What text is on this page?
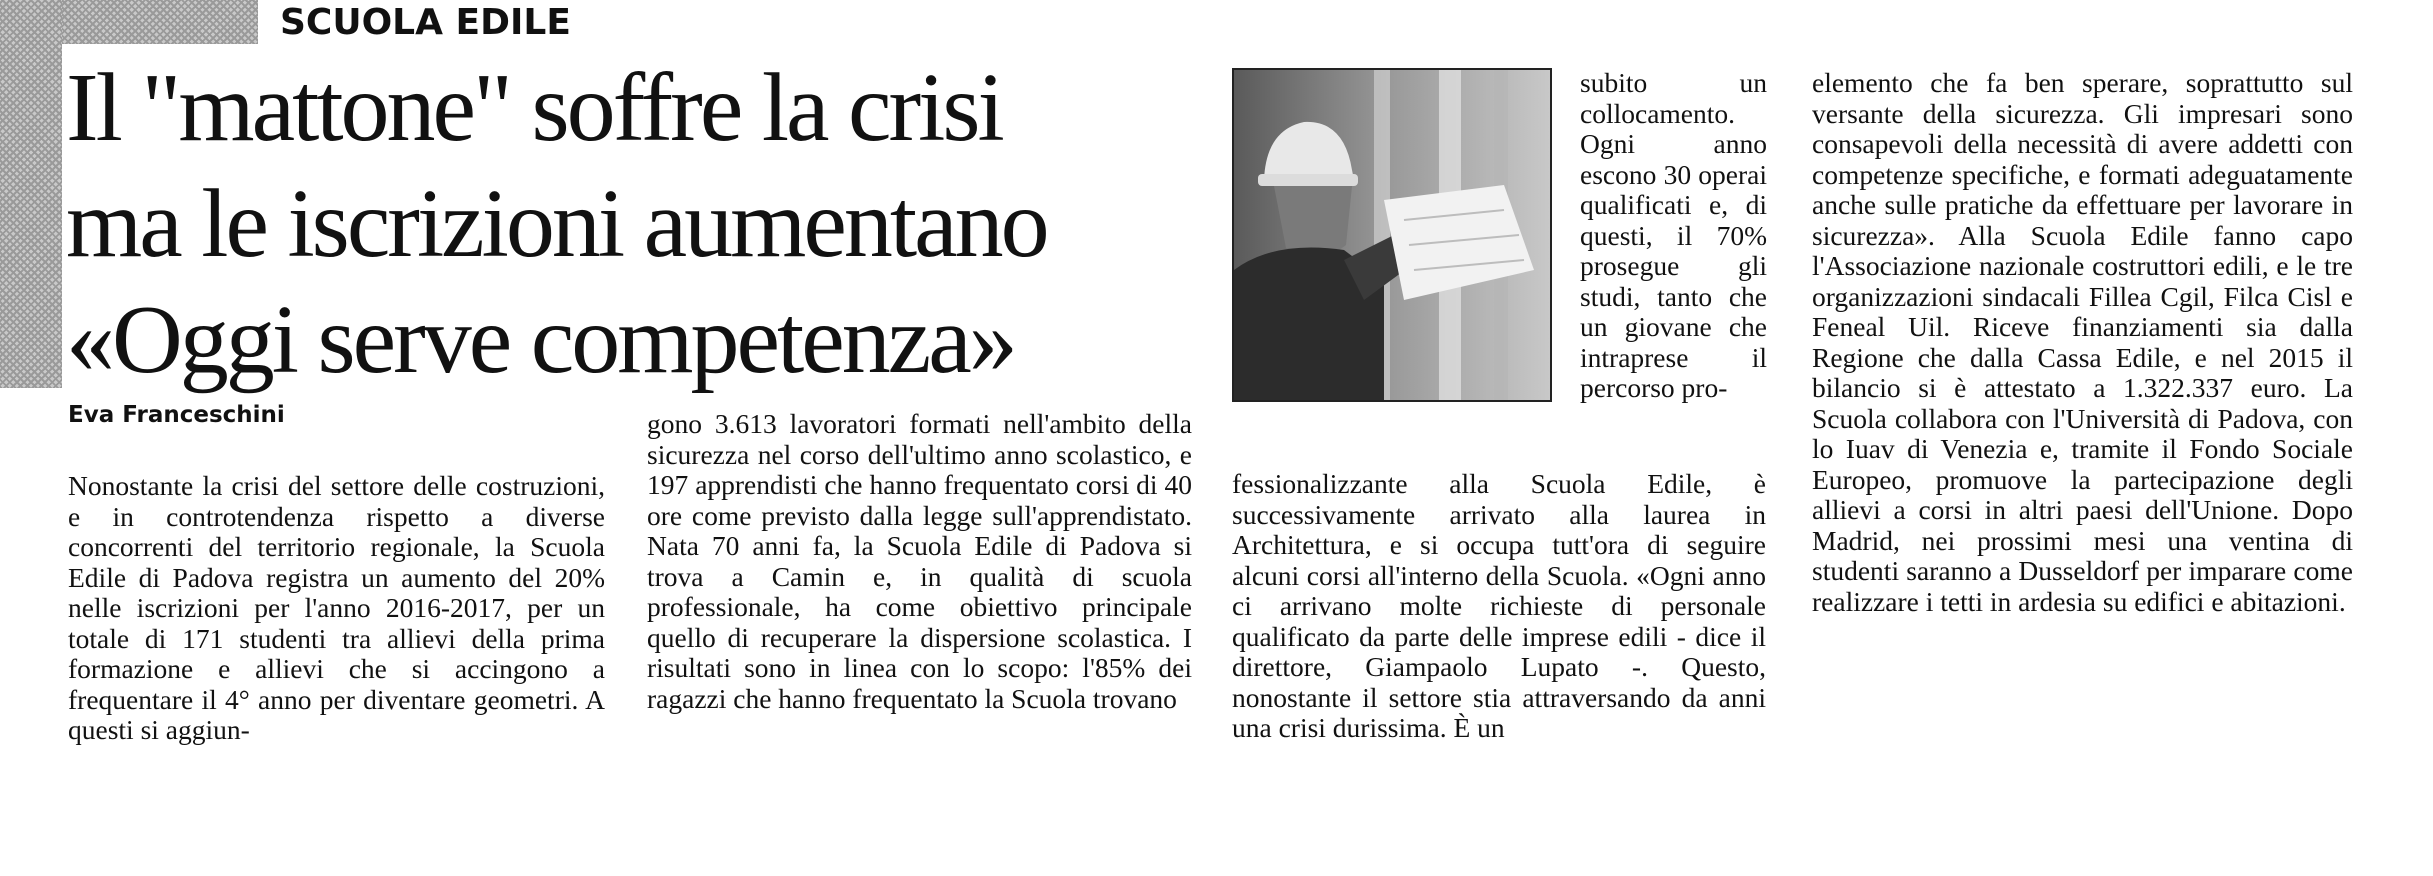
SCUOLA EDILE
Il "mattone" soffre la crisi
ma le iscrizioni aumentano
«Oggi serve competenza»
Eva Franceschini

Nonostante la crisi del settore delle costruzioni, e in controtendenza rispetto a diverse concorrenti del territorio regionale, la Scuola Edile di Padova registra un aumento del 20% nelle iscrizioni per l'anno 2016-2017, per un totale di 171 studenti tra allievi della prima formazione e allievi che si accingono a frequentare il 4° anno per diventare geometri. A questi si aggiun-

gono 3.613 lavoratori formati nell'ambito della sicurezza nel corso dell'ultimo anno scolastico, e 197 apprendisti che hanno frequentato corsi di 40 ore come previsto dalla legge sull'apprendistato. Nata 70 anni fa, la Scuola Edile di Padova si trova a Camin e, in qualità di scuola professionale, ha come obiettivo principale quello di recuperare la dispersione scolastica. I risultati sono in linea con lo scopo: l'85% dei ragazzi che hanno frequentato la Scuola trovano

subito un collocamento. Ogni anno escono 30 operai qualificati e, di questi, il 70% prosegue gli studi, tanto che un giovane che intraprese il percorso pro-

fessionalizzante alla Scuola Edile, è successivamente arrivato alla laurea in Architettura, e si occupa tutt'ora di seguire alcuni corsi all'interno della Scuola. «Ogni anno ci arrivano molte richieste di personale qualificato da parte delle imprese edili - dice il direttore, Giampaolo Lupato -. Questo, nonostante il settore stia attraversando da anni una crisi durissima. È un

elemento che fa ben sperare, soprattutto sul versante della sicurezza. Gli impresari sono consapevoli della necessità di avere addetti con competenze specifiche, e formati adeguatamente anche sulle pratiche da effettuare per lavorare in sicurezza». Alla Scuola Edile fanno capo l'Associazione nazionale costruttori edili, e le tre organizzazioni sindacali Fillea Cgil, Filca Cisl e Feneal Uil. Riceve finanziamenti sia dalla Regione che dalla Cassa Edile, e nel 2015 il bilancio si è attestato a 1.322.337 euro. La Scuola collabora con l'Università di Padova, con lo Iuav di Venezia e, tramite il Fondo Sociale Europeo, promuove la partecipazione degli allievi a corsi in altri paesi dell'Unione. Dopo Madrid, nei prossimi mesi una ventina di studenti saranno a Dusseldorf per imparare come realizzare i tetti in ardesia su edifici e abitazioni.
